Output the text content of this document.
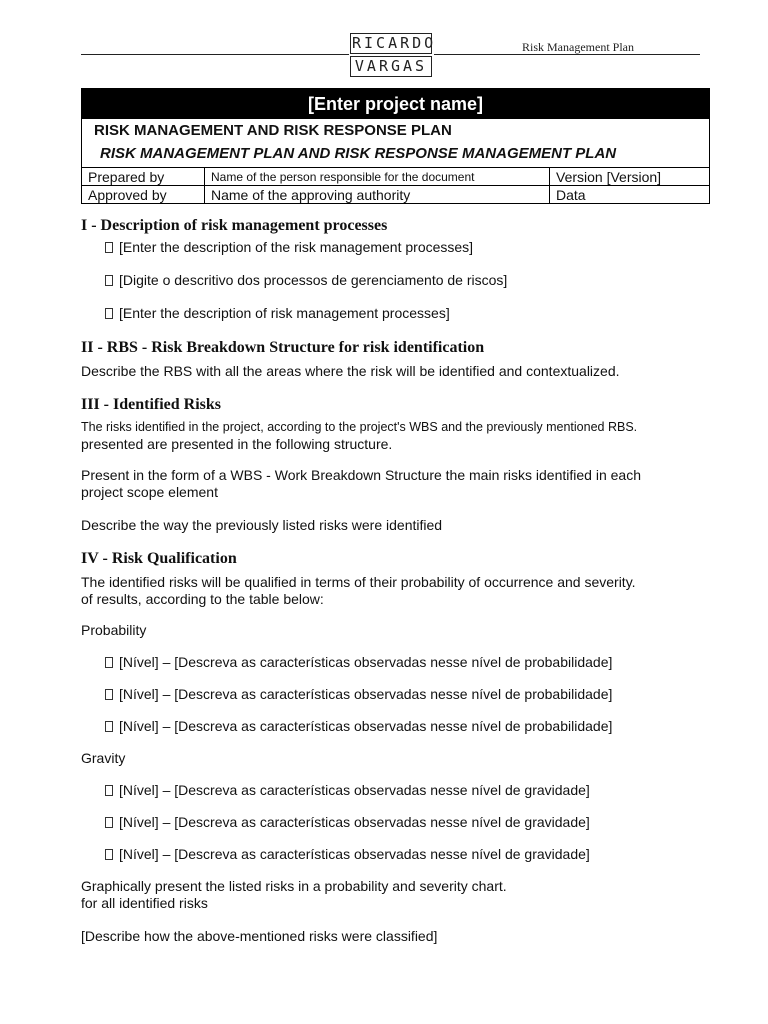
RICARDO
VARGAS
Risk Management Plan
[Enter project name]
RISK MANAGEMENT AND RISK RESPONSE PLAN
RISK MANAGEMENT PLAN AND RISK RESPONSE MANAGEMENT PLAN
Prepared by	Name of the person responsible for the document	Version [Version]
Approved by	Name of the approving authority	Data
I - Description of risk management processes
[Enter the description of the risk management processes]
[Digite o descritivo dos processos de gerenciamento de riscos]
[Enter the description of risk management processes]
II - RBS - Risk Breakdown Structure for risk identification

Describe the RBS with all the areas where the risk will be identified and contextualized.

III - Identified Risks

The risks identified in the project, according to the project's WBS and the previously mentioned RBS.

presented are presented in the following structure.

Present in the form of a WBS - Work Breakdown Structure the main risks identified in each

project scope element

Describe the way the previously listed risks were identified

IV - Risk Qualification

The identified risks will be qualified in terms of their probability of occurrence and severity.

of results, according to the table below:

Probability

[Nível] – [Descreva as características observadas nesse nível de probabilidade]
[Nível] – [Descreva as características observadas nesse nível de probabilidade]
[Nível] – [Descreva as características observadas nesse nível de probabilidade]

Gravity

[Nível] – [Descreva as características observadas nesse nível de gravidade]
[Nível] – [Descreva as características observadas nesse nível de gravidade]
[Nível] – [Descreva as características observadas nesse nível de gravidade]

Graphically present the listed risks in a probability and severity chart.

for all identified risks

[Describe how the above-mentioned risks were classified]
